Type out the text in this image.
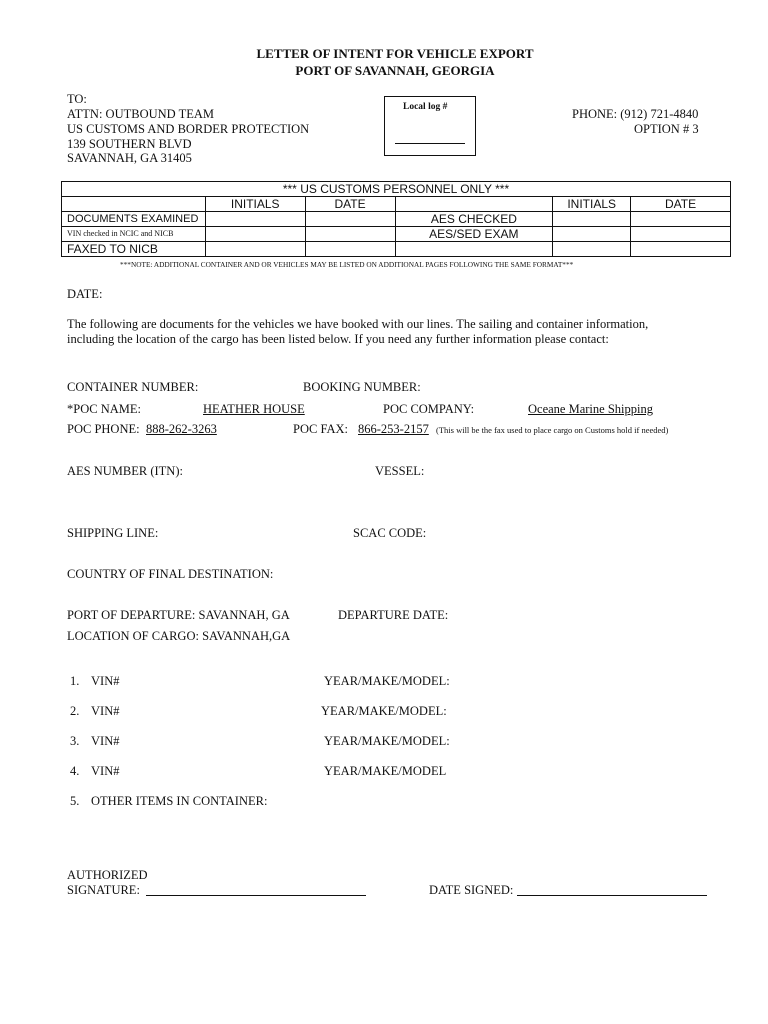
LETTER OF INTENT FOR VEHICLE EXPORT
PORT OF SAVANNAH, GEORGIA
TO:
ATTN: OUTBOUND TEAM
US CUSTOMS AND BORDER PROTECTION
139 SOUTHERN BLVD
SAVANNAH, GA 31405
Local log #	PHONE: (912) 721-4840
OPTION # 3
*** US CUSTOMS PERSONNEL ONLY ***					
	INITIALS	DATE		INITIALS	DATE
DOCUMENTS EXAMINED			AES CHECKED		
VIN checked in NCIC and NICB			AES/SED EXAM		
FAXED TO NICB					
***NOTE: ADDITIONAL CONTAINER AND OR VEHICLES MAY BE LISTED ON ADDITIONAL PAGES FOLLOWING THE SAME FORMAT***
DATE:
The following are documents for the vehicles we have booked with our lines. The sailing and container information,
including the location of the cargo has been listed below. If you need any further information please contact:
CONTAINER NUMBER:	BOOKING NUMBER:
*POC NAME:	HEATHER HOUSE	POC COMPANY:	Oceane Marine Shipping
POC PHONE: 888-262-3263	POC FAX: 866-253-2157 (This will be the fax used to place cargo on Customs hold if needed)
AES NUMBER (ITN):	VESSEL:
SHIPPING LINE:	SCAC CODE:
COUNTRY OF FINAL DESTINATION:
PORT OF DEPARTURE: SAVANNAH, GA	DEPARTURE DATE:
LOCATION OF CARGO: SAVANNAH,GA
1. VIN#	YEAR/MAKE/MODEL:
2. VIN#	YEAR/MAKE/MODEL:
3. VIN#	YEAR/MAKE/MODEL:
4. VIN#	YEAR/MAKE/MODEL
5. OTHER ITEMS IN CONTAINER:
AUTHORIZED
SIGNATURE:	DATE SIGNED:
